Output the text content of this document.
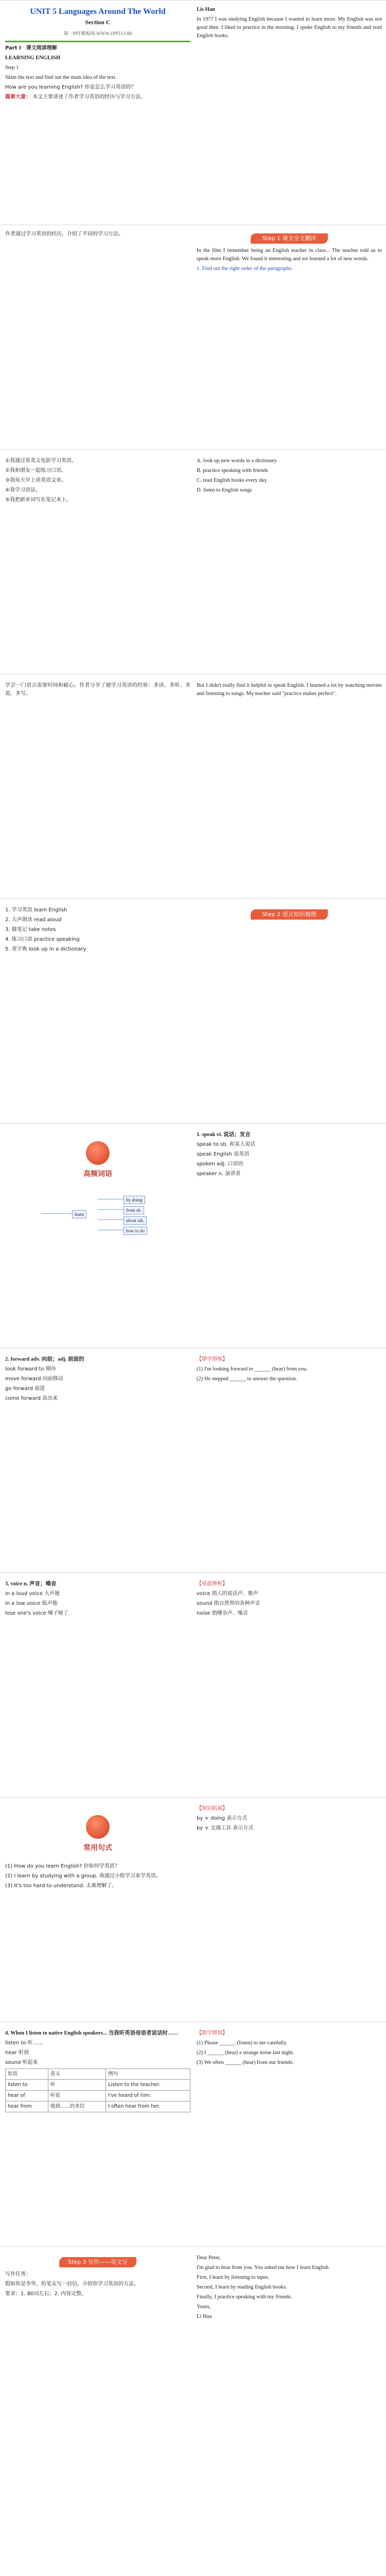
UNIT 5 Languages Around The World
Section C
第一PPT模板网-WWW.1PPT.COM

Part Ⅰ　课文阅读理解

LEARNING ENGLISH

Step 1

Skim the text and find out the main idea of the text.

How are you learning English? 你是怎么学习英语的？

篇章大意： 本文主要讲述了作者学习英语的经历与学习方法。

Lis Han

In 1977 I was studying English because I wanted to learn more. My English was not good then. I liked to practice in the morning. I spoke English to my friends and read English books.

作者通过学习英语的经历，介绍了不同的学习方法。

Step 1 课文全文翻译

In the film I remember being an English teacher in class... The teacher told us to speak more English. We found it interesting and we learned a lot of new words.

1. Find out the right order of the paragraphs.

①我通过看英文电影学习英语。

②我和朋友一起练习口语。

③我每天早上读英语文章。

④我学习语法。

⑤我把新单词写在笔记本上。

A. look up new words in a dictionary

B. practice speaking with friends

C. read English books every day

D. listen to English songs

学会一门语言需要时间和耐心。作者分享了她学习英语的经验：多读、多听、多说、多写。

But I didn't really find it helpful to speak English. I learned a lot by watching movies and listening to songs. My teacher said "practice makes perfect".

1. 学习英语 learn English

2. 大声朗读 read aloud

3. 做笔记 take notes

4. 练习口语 practice speaking

5. 查字典 look up in a dictionary

Step 2 语言知识梳理
高频词语
learn
by doing
from sb.
about sth.
how to do

1. speak vi. 说话；发言

speak to sb. 和某人说话

speak English 说英语

spoken adj. 口语的

speaker n. 演讲者

2. forward adv. 向前；adj. 前面的

look forward to 期待

move forward 向前移动

go forward 前进

come forward 站出来

【即学即练】

(1) I'm looking forward to ______ (hear) from you.

(2) He stepped ______ to answer the question.

3. voice n. 声音；嗓音

in a loud voice 大声地

in a low voice 低声地

lose one's voice 嗓子哑了

【易混辨析】

voice 指人的说话声、歌声

sound 指自然界的各种声音

noise 指嘈杂声、噪音

常用句式

(1) How do you learn English? 你如何学英语？

(2) I learn by studying with a group. 我通过小组学习来学英语。

(3) It's too hard to understand. 太难理解了。

【知识拓展】

by + doing 表示方式

by + 交通工具 表示方式

4. When I listen to native English speakers... 当我听英语母语者说话时……

listen to 听……

hear 听到

sound 听起来

短语	意义	例句
listen to	听	Listen to the teacher.
hear of	听说	I've heard of him.
hear from	收到……的来信	I often hear from her.

【即学即用】

(1) Please ______ (listen) to me carefully.

(2) I ______ (hear) a strange noise last night.

(3) We often ______ (hear) from our friends.

Step 3 写作——英文写

写作任务：

假如你是李华，给笔友写一封信，介绍你学习英语的方法。

要求：1. 80词左右；2. 内容完整。

Dear Peter,

I'm glad to hear from you. You asked me how I learn English.

First, I learn by listening to tapes.

Second, I learn by reading English books.

Finally, I practice speaking with my friends.

Yours,

Li Hua
